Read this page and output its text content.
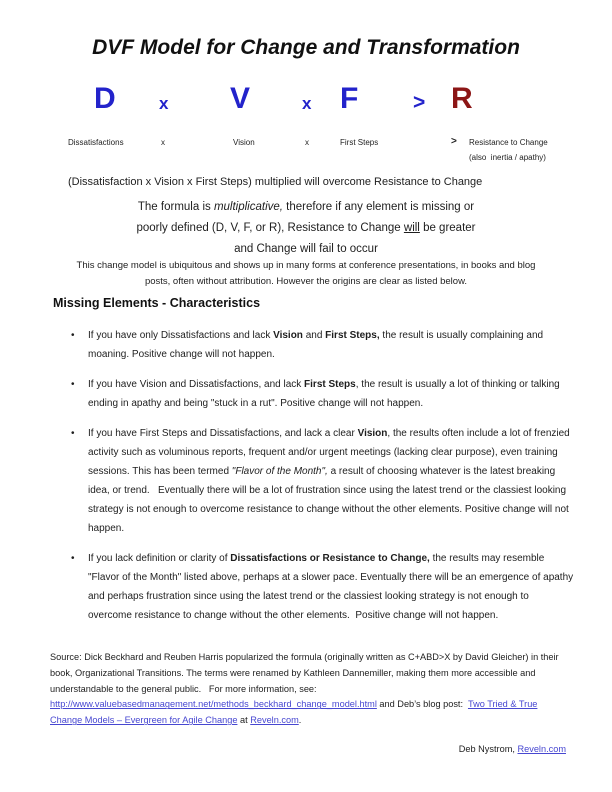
DVF Model for Change and Transformation
D	x V	x F	> R
Dissatisfactions	x	Vision	x	First Steps	> Resistance to Change
(also  inertia / apathy)
(Dissatisfaction x Vision x First Steps) multiplied will overcome Resistance to Change
The formula is multiplicative, therefore if any element is missing or
poorly defined (D, V, F, or R), Resistance to Change will be greater
and Change will fail to occur
This change model is ubiquitous and shows up in many forms at conference presentations, in books and blog
posts, often without attribution. However the origins are clear as listed below.
Missing Elements - Characteristics
• If you have only Dissatisfactions and lack Vision and First Steps, the result is usually complaining and moaning. Positive change will not happen.
• If you have Vision and Dissatisfactions, and lack First Steps, the result is usually a lot of thinking or talking ending in apathy and being "stuck in a rut". Positive change will not happen.
• If you have First Steps and Dissatisfactions, and lack a clear Vision, the results often include a lot of frenzied activity such as voluminous reports, frequent and/or urgent meetings (lacking clear purpose), even training sessions. This has been termed "Flavor of the Month", a result of choosing whatever is the latest breaking idea, or trend.   Eventually there will be a lot of frustration since using the latest trend or the classiest looking strategy is not enough to overcome resistance to change without the other elements. Positive change will not happen.
• If you lack definition or clarity of Dissatisfactions or Resistance to Change, the results may resemble "Flavor of the Month" listed above, perhaps at a slower pace. Eventually there will be an emergence of apathy and perhaps frustration since using the latest trend or the classiest looking strategy is not enough to overcome resistance to change without the other elements.  Positive change will not happen.
Source: Dick Beckhard and Reuben Harris popularized the formula (originally written as C+ABD>X by David Gleicher) in their
book, Organizational Transitions. The terms were renamed by Kathleen Dannemiller, making them more accessible and
understandable to the general public.   For more information, see:
http://www.valuebasedmanagement.net/methods_beckhard_change_model.html and Deb’s blog post:  Two Tried & True
Change Models – Evergreen for Agile Change at Reveln.com.
Deb Nystrom, Reveln.com
